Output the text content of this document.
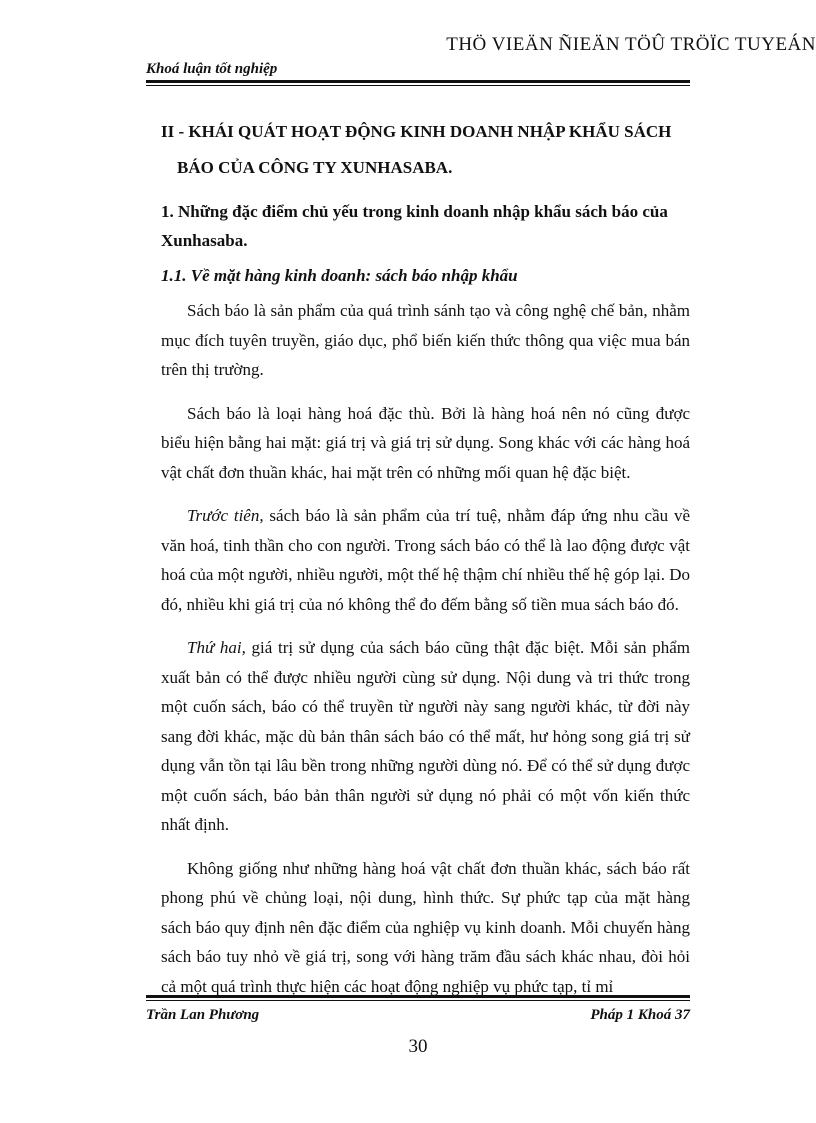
THÖ VIEÄN ÑIEÄN TÖÛ TRÖÏC TUYEÁN
Khoá luận tốt nghiệp
II - KHÁI QUÁT HOẠT ĐỘNG KINH DOANH NHẬP KHẨU SÁCH
BÁO CỦA CÔNG TY XUNHASABA.
1. Những đặc điểm chủ yếu trong kinh doanh nhập khẩu sách báo của Xunhasaba.
1.1. Về mặt hàng kinh doanh: sách báo nhập khẩu

Sách báo là sản phẩm của quá trình sánh tạo và công nghệ chế bản, nhằm mục đích tuyên truyền, giáo dục, phổ biến kiến thức thông qua việc mua bán trên thị trường.

Sách báo là loại hàng hoá đặc thù. Bởi là hàng hoá nên nó cũng được biểu hiện bằng hai mặt: giá trị và giá trị sử dụng. Song khác với các hàng hoá vật chất đơn thuần khác, hai mặt trên có những mối quan hệ đặc biệt.

Trước tiên, sách báo là sản phẩm của trí tuệ, nhằm đáp ứng nhu cầu về văn hoá, tinh thần cho con người. Trong sách báo có thể là lao động được vật hoá của một người, nhiều người, một thế hệ thậm chí nhiều thế hệ góp lại. Do đó, nhiều khi giá trị của nó không thể đo đếm bằng số tiền mua sách báo đó.

Thứ hai, giá trị sử dụng của sách báo cũng thật đặc biệt. Mỗi sản phẩm xuất bản có thể được nhiều người cùng sử dụng. Nội dung và tri thức trong một cuốn sách, báo có thể truyền từ người này sang người khác, từ đời này sang đời khác, mặc dù bản thân sách báo có thể mất, hư hỏng song giá trị sử dụng vẫn tồn tại lâu bền trong những người dùng nó. Để có thể sử dụng được một cuốn sách, báo bản thân người sử dụng nó phải có một vốn kiến thức nhất định.

Không giống như những hàng hoá vật chất đơn thuần khác, sách báo rất phong phú về chủng loại, nội dung, hình thức. Sự phức tạp của mặt hàng sách báo quy định nên đặc điểm của nghiệp vụ kinh doanh. Mỗi chuyến hàng sách báo tuy nhỏ về giá trị, song với hàng trăm đầu sách khác nhau, đòi hỏi cả một quá trình thực hiện các hoạt động nghiệp vụ phức tạp, tỉ mỉ

Trần Lan Phương	Pháp 1 Khoá 37
30
